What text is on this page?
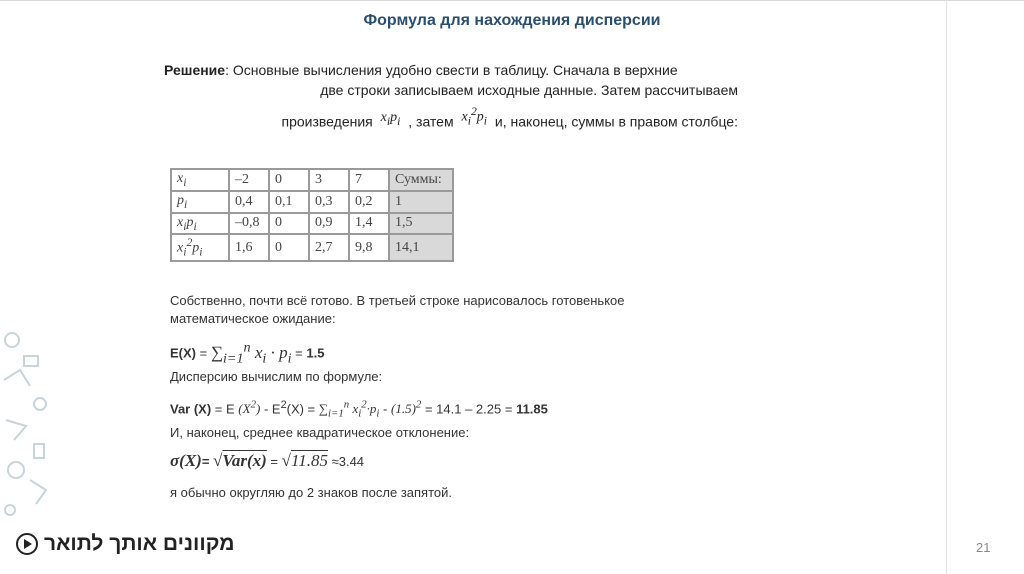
Формула для нахождения дисперсии
Решение: Основные вычисления удобно свести в таблицу. Сначала в верхние
две строки записываем исходные данные. Затем рассчитываем
произведения $x_ip_i$ , затем $x_i^2p_i$ и, наконец, суммы в правом столбце:
$x_i$	–2	0	3	7	Суммы:
$p_i$	0,4	0,1	0,3	0,2	1
$x_ip_i$	–0,8	0	0,9	1,4	1,5
$x_i^2p_i$	1,6	0	2,7	9,8	14,1
Собственно, почти всё готово. В третьей строке нарисовалось готовенькое математическое ожидание:
$E(X) = \sum_{i=1}^n$ $x_i \cdot p_i = 1.5$
Дисперсию вычислим по формуле:
Var (X) = E $(X^2) - E^2(X) = \sum_{i=1}^n$ $x_i^2\cdot p_i - (1.5)^2 = 14.1 - 2.25 = 11.85$
И, наконец, среднее квадратическое отклонение:
σ(X)= √Var(x) = √11.85 ≈3.44
я обычно округляю до 2 знаков после запятой.
מקוונים אותך לתואר	21
